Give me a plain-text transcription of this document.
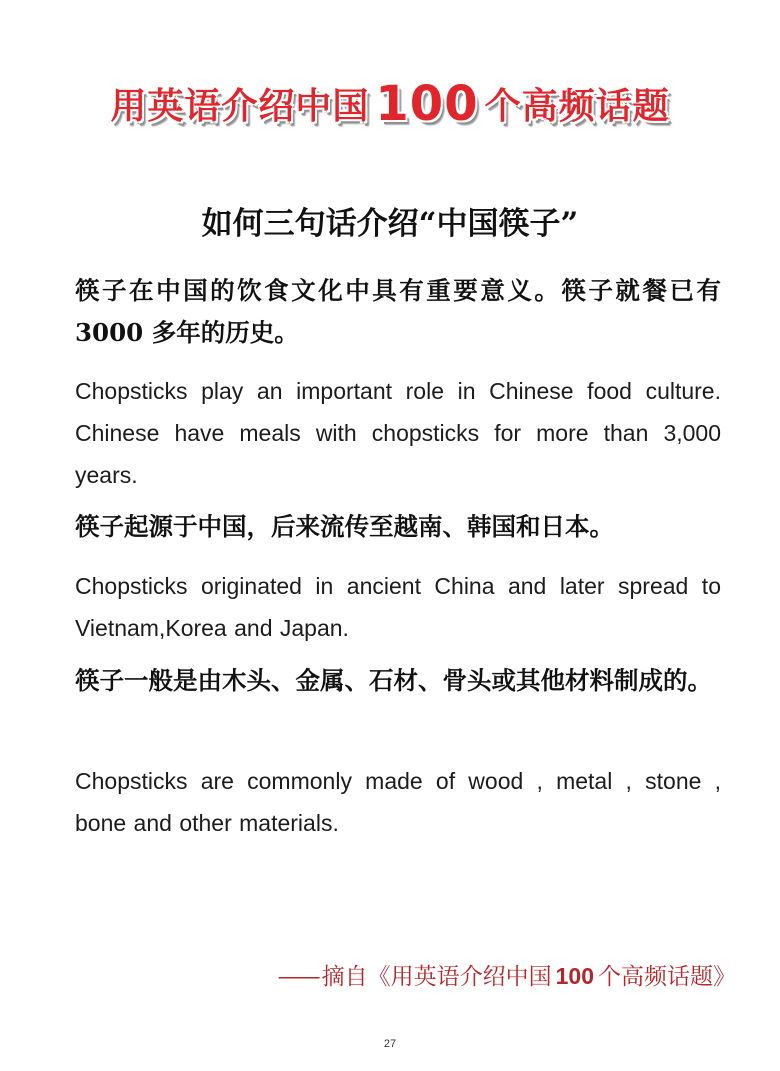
用英语介绍中国 100 个高频话题
如何三句话介绍“中国筷子”
筷子在中国的饮食文化中具有重要意义。筷子就餐已有3000 多年的历史。
Chopsticks play an important role in Chinese food culture. Chinese have meals with chopsticks for more than 3,000 years.
筷子起源于中国，后来流传至越南、韩国和日本。
Chopsticks originated in ancient China and later spread to Vietnam,Korea and Japan.
筷子一般是由木头、金属、石材、骨头或其他材料制成的。
Chopsticks are commonly made of wood , metal , stone , bone and other materials.
—— 摘自《用英语介绍中国 100 个高频话题》
27
